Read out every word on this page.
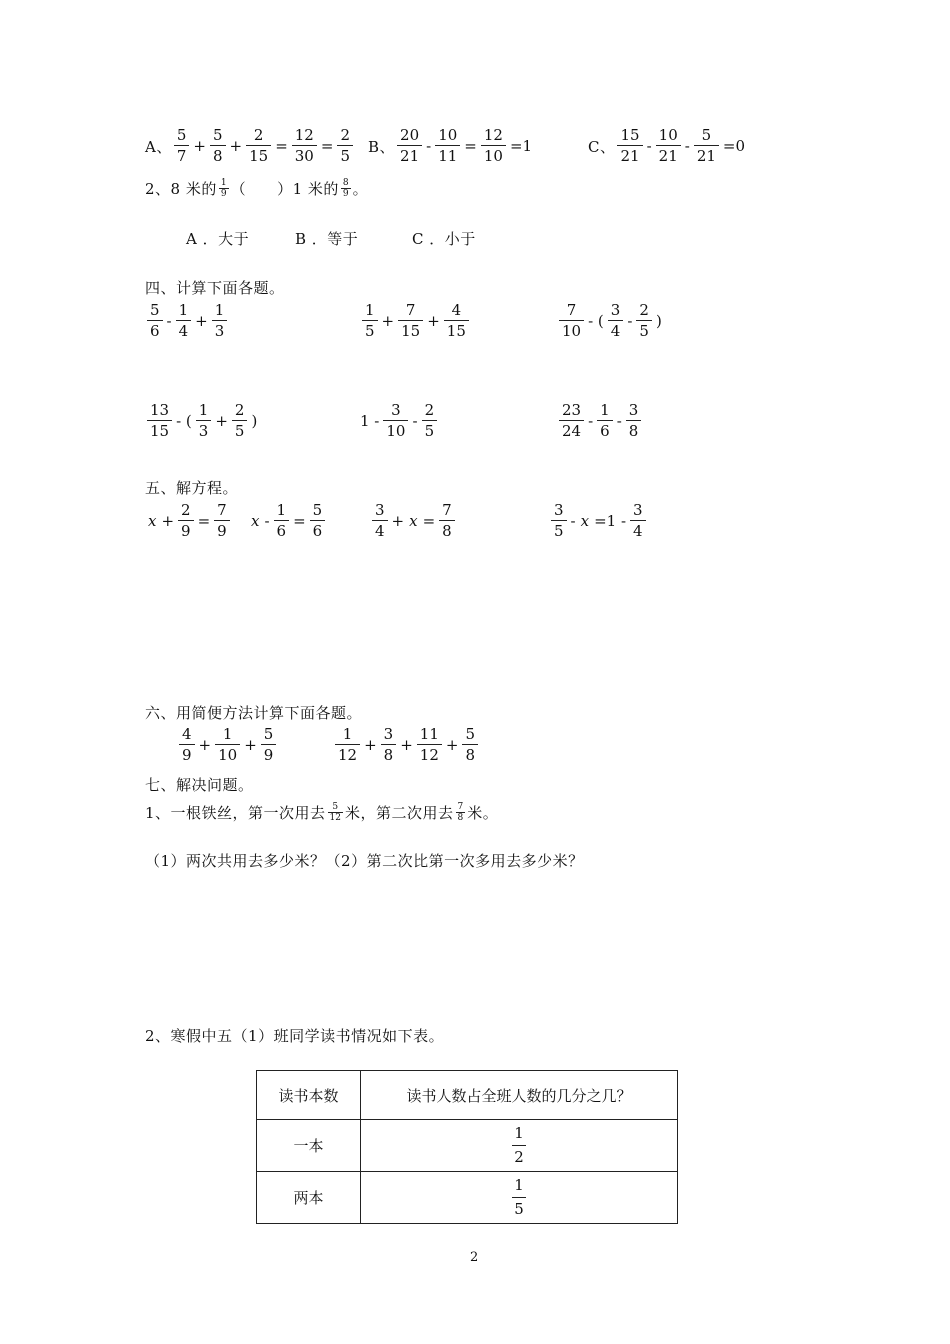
A、 $\frac{5}{7} + \frac{5}{8} + \frac{2}{15} = \frac{12}{30} = \frac{2}{5}$ B、 $\frac{20}{21} - \frac{10}{11} = \frac{12}{10} =1$	C、 $\frac{15}{21} - \frac{10}{21} - \frac{5}{21} =0$
2、8 米的 $\frac{1}{9}$ （　　）1 米的 $\frac{8}{9}$ 。
A ．大于	B ．等于	C ．小于
四、计算下面各题。
$\frac{5}{6} - \frac{1}{4} + \frac{1}{3}$	$\frac{1}{5} + \frac{7}{15} + \frac{4}{15}$	$\frac{7}{10}$ - ( $\frac{3}{4} - \frac{2}{5}$ )
$\frac{13}{15}$ - ( $\frac{1}{3} + \frac{2}{5}$ )	$1 - \frac{3}{10} - \frac{2}{5}$	$\frac{23}{24} - \frac{1}{6} - \frac{3}{8}$
五、解方程。
$x + \frac{2}{9} = \frac{7}{9}$ $x - \frac{1}{6} = \frac{5}{6}$	$\frac{3}{4} + x = \frac{7}{8}$	$\frac{3}{5} - x =1 - \frac{3}{4}$
六、用简便方法计算下面各题。
$\frac{4}{9} + \frac{1}{10} + \frac{5}{9}$	$\frac{1}{12} + \frac{3}{8} + \frac{11}{12} + \frac{5}{8}$
七、解决问题。
1、一根铁丝，第一次用去 $\frac{5}{12}$ 米，第二次用去 $\frac{7}{8}$ 米。
（1）两次共用去多少米？（2）第二次比第一次多用去多少米？
2、寒假中五（1）班同学读书情况如下表。
读书本数	读书人数占全班人数的几分之几？
一本	$\frac{1}{2}$

两本	$\frac{1}{5}$
2
